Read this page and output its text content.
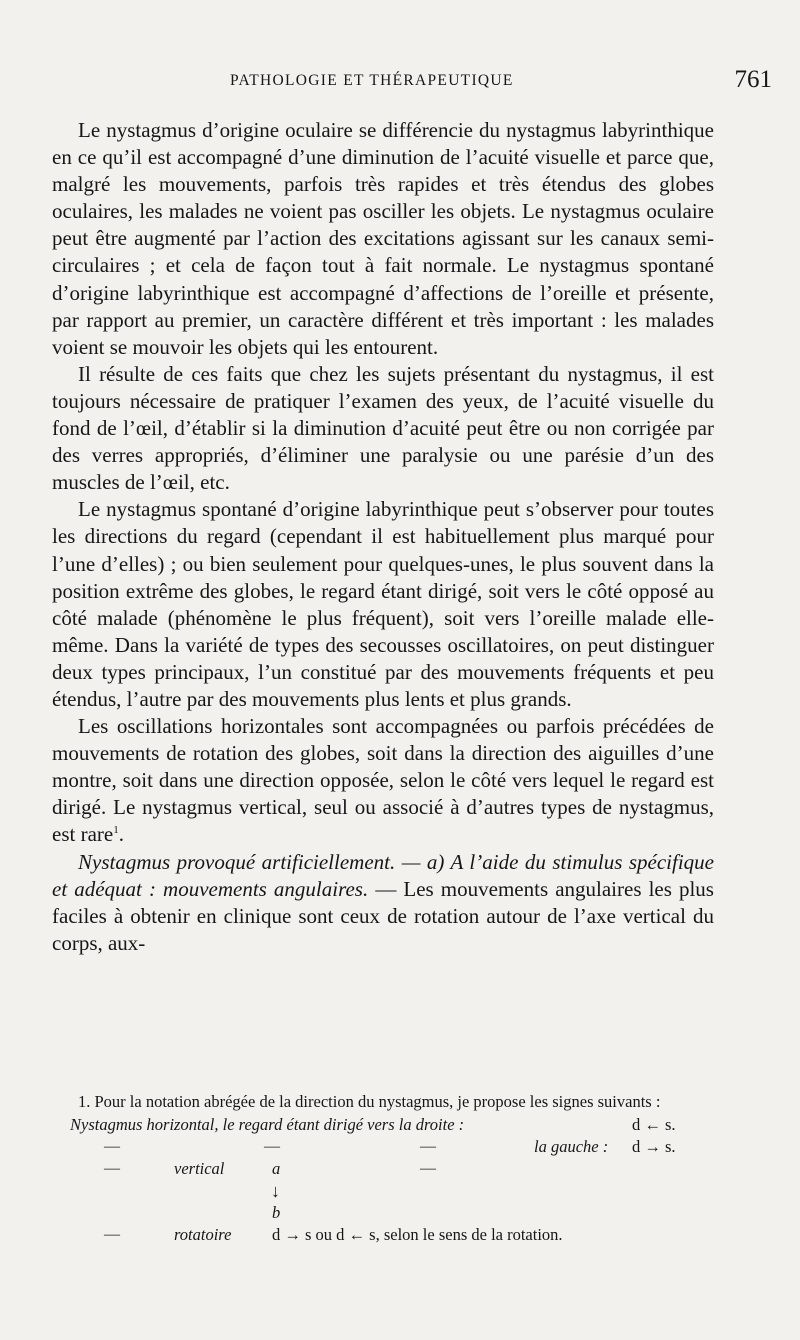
PATHOLOGIE ET THÉRAPEUTIQUE	761

Le nystagmus d’origine oculaire se différencie du nystagmus labyrinthique en ce qu’il est accompagné d’une diminution de l’acuité visuelle et parce que, malgré les mouvements, parfois très rapides et très étendus des globes oculaires, les malades ne voient pas osciller les objets. Le nystagmus oculaire peut être augmenté par l’action des excitations agissant sur les canaux semi-circulaires ; et cela de façon tout à fait normale. Le nystagmus spontané d’origine labyrinthique est accompagné d’affections de l’oreille et présente, par rapport au premier, un caractère différent et très important : les malades voient se mouvoir les objets qui les entourent.

Il résulte de ces faits que chez les sujets présentant du nystagmus, il est toujours nécessaire de pratiquer l’examen des yeux, de l’acuité visuelle du fond de l’œil, d’établir si la diminution d’acuité peut être ou non corrigée par des verres appropriés, d’éliminer une paralysie ou une parésie d’un des muscles de l’œil, etc.

Le nystagmus spontané d’origine labyrinthique peut s’observer pour toutes les directions du regard (cependant il est habituellement plus marqué pour l’une d’elles) ; ou bien seulement pour quelques-unes, le plus souvent dans la position extrême des globes, le regard étant dirigé, soit vers le côté opposé au côté malade (phénomène le plus fréquent), soit vers l’oreille malade elle-même. Dans la variété de types des secousses oscillatoires, on peut distinguer deux types principaux, l’un constitué par des mouvements fréquents et peu étendus, l’autre par des mouvements plus lents et plus grands.

Les oscillations horizontales sont accompagnées ou parfois précédées de mouvements de rotation des globes, soit dans la direction des aiguilles d’une montre, soit dans une direction opposée, selon le côté vers lequel le regard est dirigé. Le nystagmus vertical, seul ou associé à d’autres types de nystagmus, est rare$^1$.

Nystagmus provoqué artificiellement. — a) A l’aide du stimulus spécifique et adéquat : mouvements angulaires. — Les mouvements angulaires les plus faciles à obtenir en clinique sont ceux de rotation autour de l’axe vertical du corps, aux-

1. Pour la notation abrégée de la direction du nystagmus, je propose les signes suivants :
Nystagmus horizontal, le regard étant dirigé vers la droite :	d ← s.
—	—	—	la gauche : d → s.
—	vertical	a	—
↓
b
—	rotatoire d → s ou d ← s, selon le sens de la rotation.
